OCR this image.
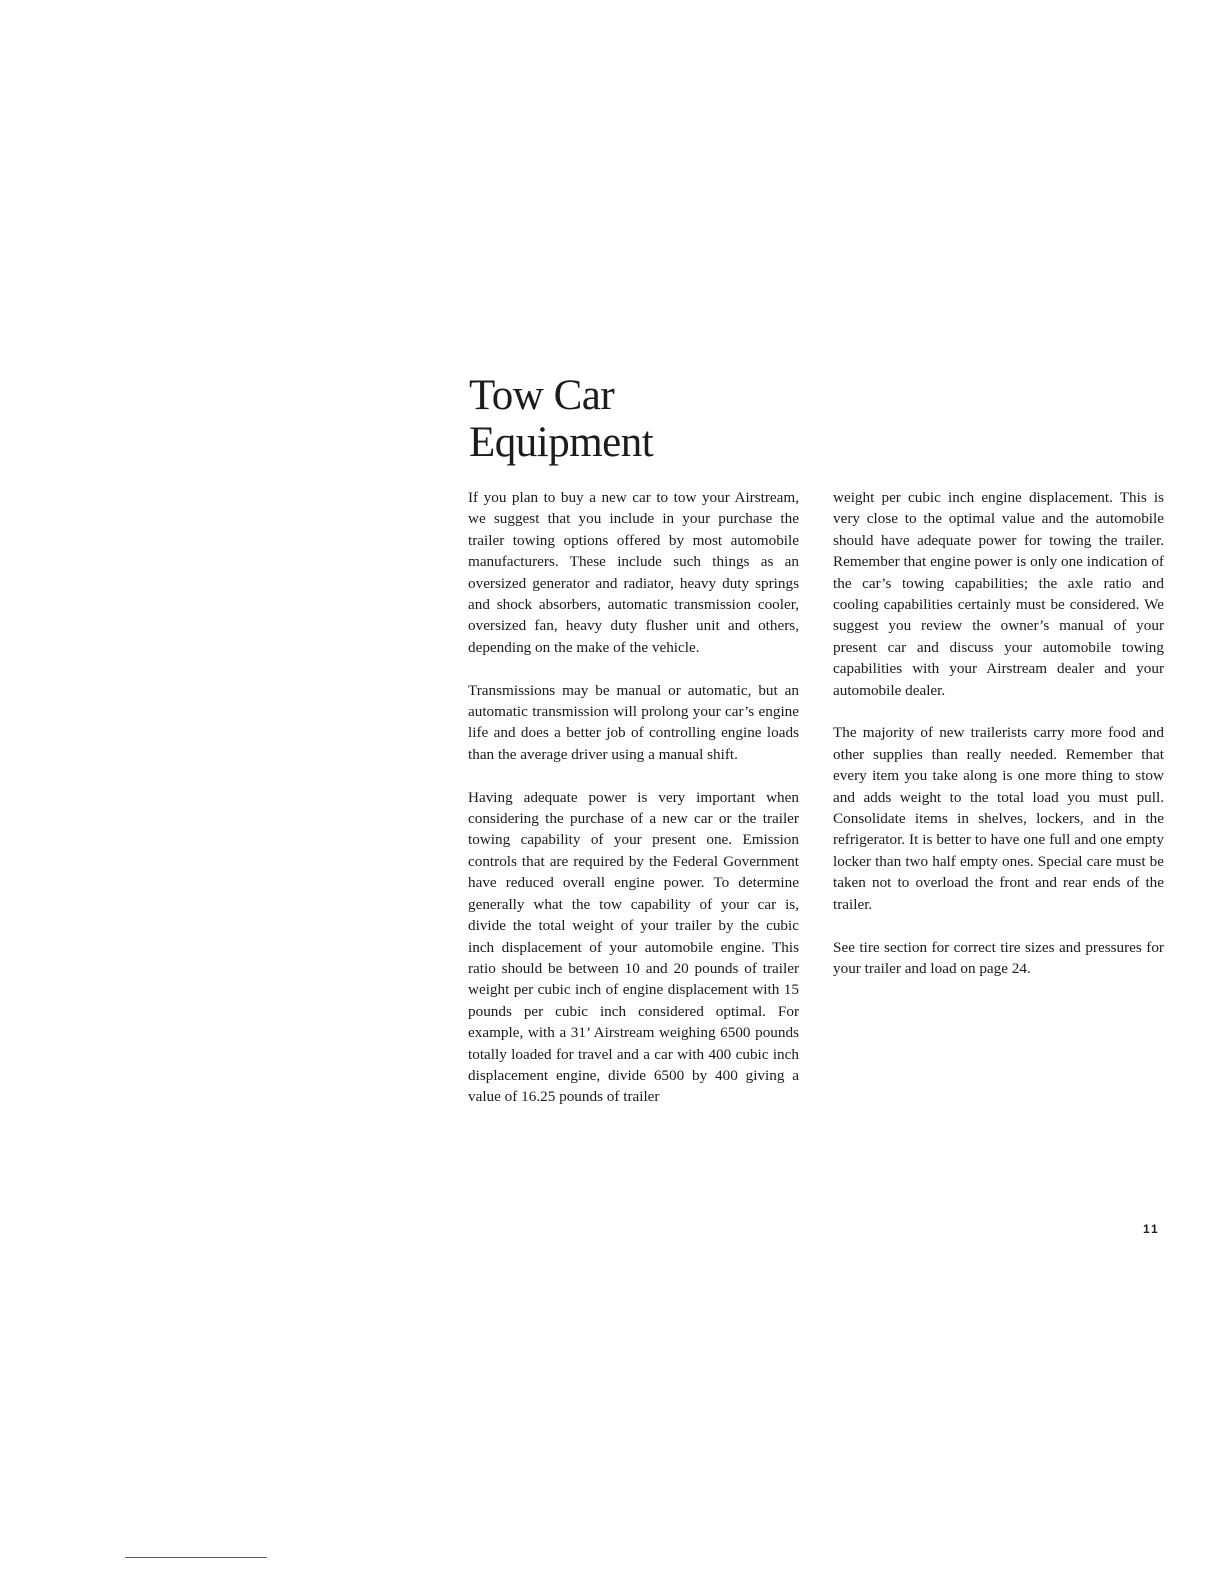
Tow Car
Equipment

If you plan to buy a new car to tow your Airstream, we suggest that you include in your purchase the trailer towing options offered by most automobile manufacturers. These include such things as an oversized generator and radiator, heavy duty springs and shock absorbers, automatic transmission cooler, oversized fan, heavy duty flusher unit and others, depending on the make of the vehicle.

Transmissions may be manual or automatic, but an automatic transmission will prolong your car’s engine life and does a better job of controlling engine loads than the average driver using a manual shift.

Having adequate power is very important when considering the purchase of a new car or the trailer towing capability of your present one. Emission controls that are required by the Federal Government have reduced overall engine power. To determine generally what the tow capability of your car is, divide the total weight of your trailer by the cubic inch displacement of your automobile engine. This ratio should be between 10 and 20 pounds of trailer weight per cubic inch of engine displacement with 15 pounds per cubic inch considered optimal. For example, with a 31’ Airstream weighing 6500 pounds totally loaded for travel and a car with 400 cubic inch displacement engine, divide 6500 by 400 giving a value of 16.25 pounds of trailer

weight per cubic inch engine displacement. This is very close to the optimal value and the automobile should have adequate power for towing the trailer. Remember that engine power is only one indication of the car’s towing capabilities; the axle ratio and cooling capabilities certainly must be considered. We suggest you review the owner’s manual of your present car and discuss your automobile towing capabilities with your Airstream dealer and your automobile dealer.

The majority of new trailerists carry more food and other supplies than really needed. Remember that every item you take along is one more thing to stow and adds weight to the total load you must pull. Consolidate items in shelves, lockers, and in the refrigerator. It is better to have one full and one empty locker than two half empty ones. Special care must be taken not to overload the front and rear ends of the trailer.

See tire section for correct tire sizes and pressures for your trailer and load on page 24.

11
